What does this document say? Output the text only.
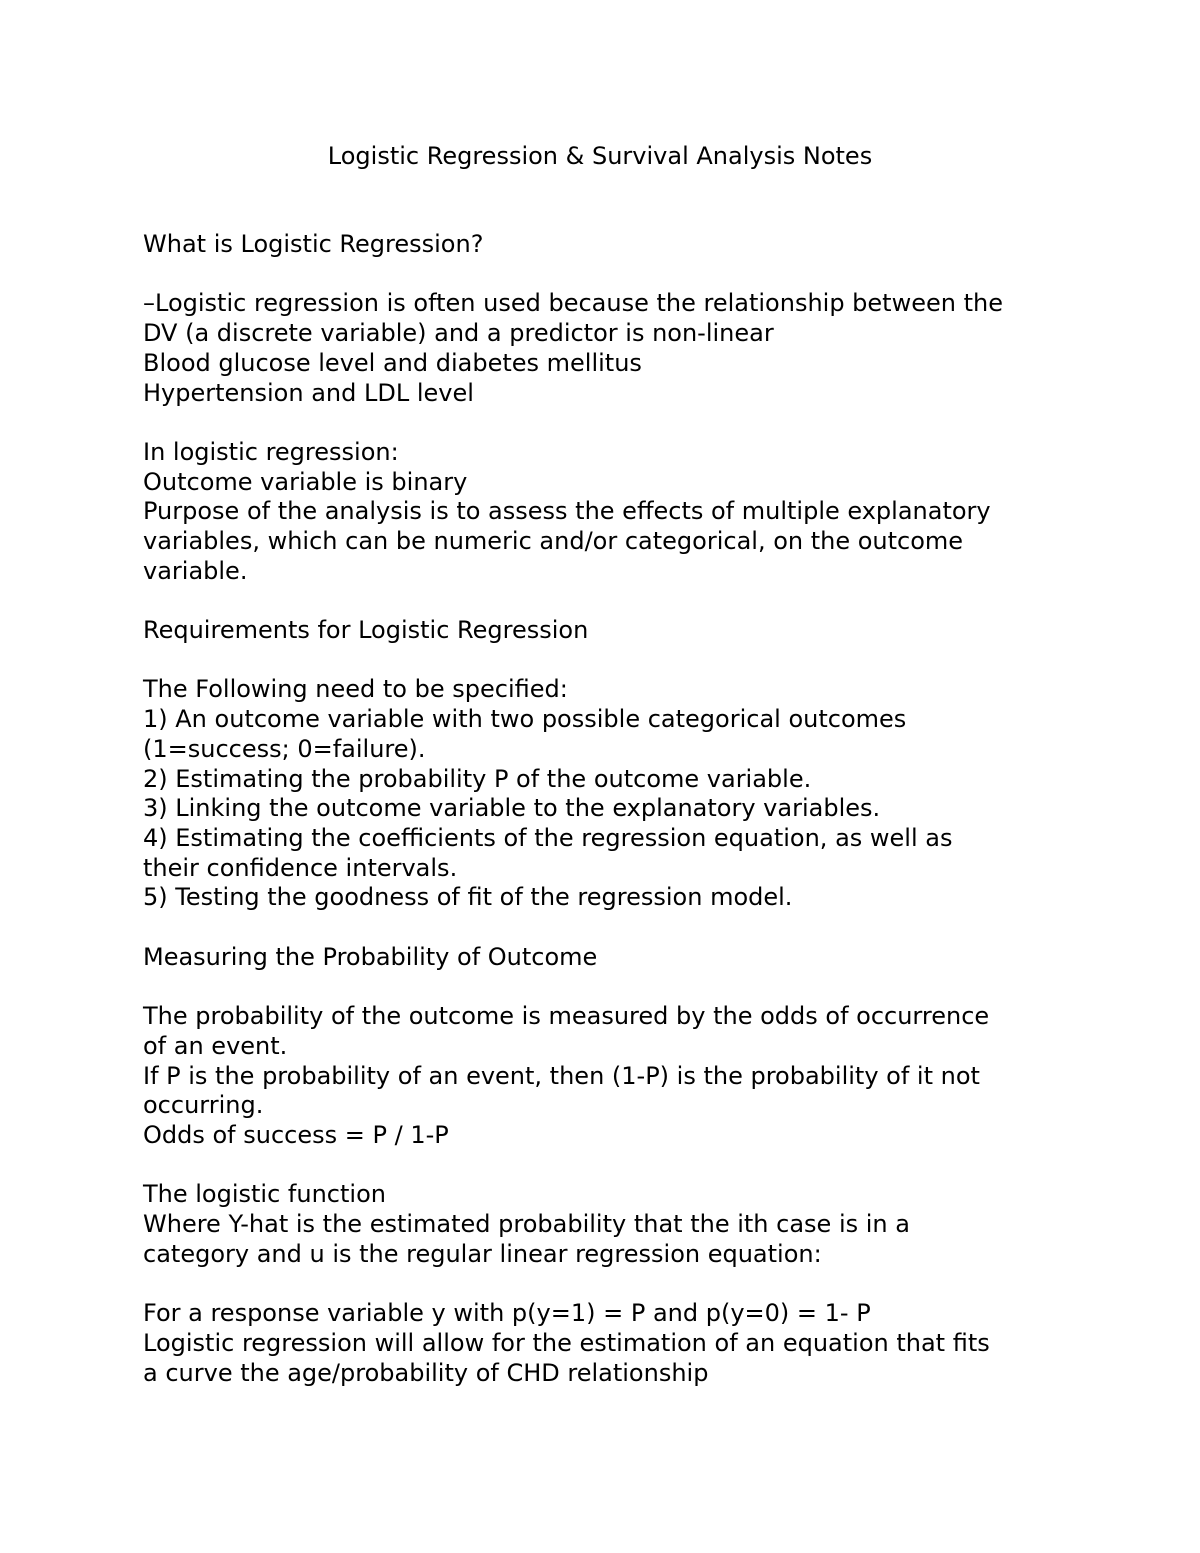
Logistic Regression & Survival Analysis Notes
What is Logistic Regression?
–Logistic regression is often used because the relationship between the
DV (a discrete variable) and a predictor is non-linear
Blood glucose level and diabetes mellitus
Hypertension and LDL level
In logistic regression:
Outcome variable is binary
Purpose of the analysis is to assess the effects of multiple explanatory
variables, which can be numeric and/or categorical, on the outcome
variable.
Requirements for Logistic Regression
The Following need to be specified:
1) An outcome variable with two possible categorical outcomes
(1=success; 0=failure).
2) Estimating the probability P of the outcome variable.
3) Linking the outcome variable to the explanatory variables.
4) Estimating the coefficients of the regression equation, as well as
their confidence intervals.
5) Testing the goodness of fit of the regression model.
Measuring the Probability of Outcome
The probability of the outcome is measured by the odds of occurrence
of an event.
If P is the probability of an event, then (1-P) is the probability of it not
occurring.
Odds of success = P / 1-P
The logistic function
Where Y-hat is the estimated probability that the ith case is in a
category and u is the regular linear regression equation:
For a response variable y with p(y=1) = P and p(y=0) = 1- P
Logistic regression will allow for the estimation of an equation that fits
a curve the age/probability of CHD relationship
